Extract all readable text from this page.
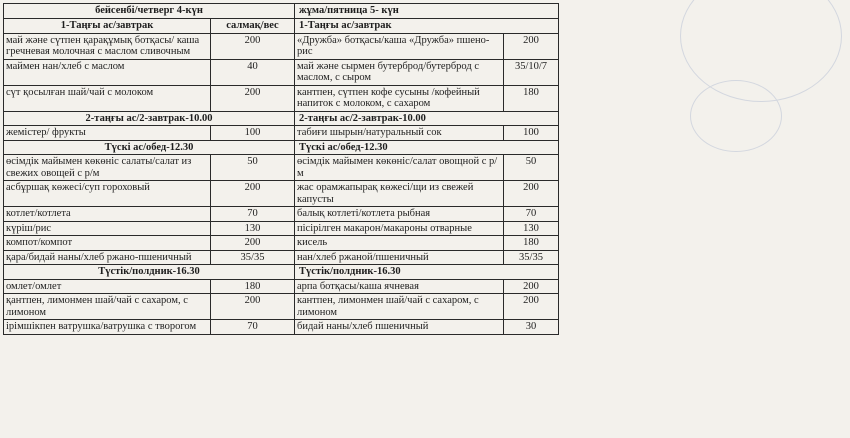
бейсенбі/четверг 4-күн		жұма/пятница 5- күн	
1-Таңғы ас/завтрак	салмақ/вес	1-Таңғы ас/завтрак	
май және сүтпен қарақұмық ботқасы/ каша гречневая молочная с маслом сливочным	200	«Дружба» ботқасы/каша «Дружба» пшено-рис	200
маймен нан/хлеб с маслом	40	май және сырмен бутерброд/бутерброд с маслом, с сыром	35/10/7
сүт қосылған шай/чай с молоком	200	кантпен, сүтпен кофе сусыны /кофейный напиток с молоком, с сахаром	180
2-таңғы ас/2-завтрак-10.00		2-таңғы ас/2-завтрак-10.00	
жемістер/ фрукты	100	табиғи шырын/натуральный сок	100
Түскі ас/обед-12.30		Түскі ас/обед-12.30	
өсімдік майымен көкөніс салаты/салат из свежих овощей с р/м	50	өсімдік майымен көкөніс/салат овощной с р/м	50
асбұршақ көжесі/суп гороховый	200	жас орамжапырақ көжесі/щи из свежей капусты	200
котлет/котлета	70	балық котлеті/котлета рыбная	70
күріш/рис	130	пісірілген макарон/макароны отварные	130
компот/компот	200	кисель	180
қара/бидай наны/хлеб ржано-пшеничный	35/35	нан/хлеб ржаной/пшеничный	35/35
Түстік/полдник-16.30		Түстік/полдник-16.30	
омлет/омлет	180	арпа ботқасы/каша ячневая	200
қантпен, лимонмен шай/чай с сахаром, с лимоном	200	кантпен, лимонмен шай/чай с сахаром, с лимоном	200
ірімшікпен ватрушка/ватрушка с творогом	70	бидай наны/хлеб пшеничный	30
